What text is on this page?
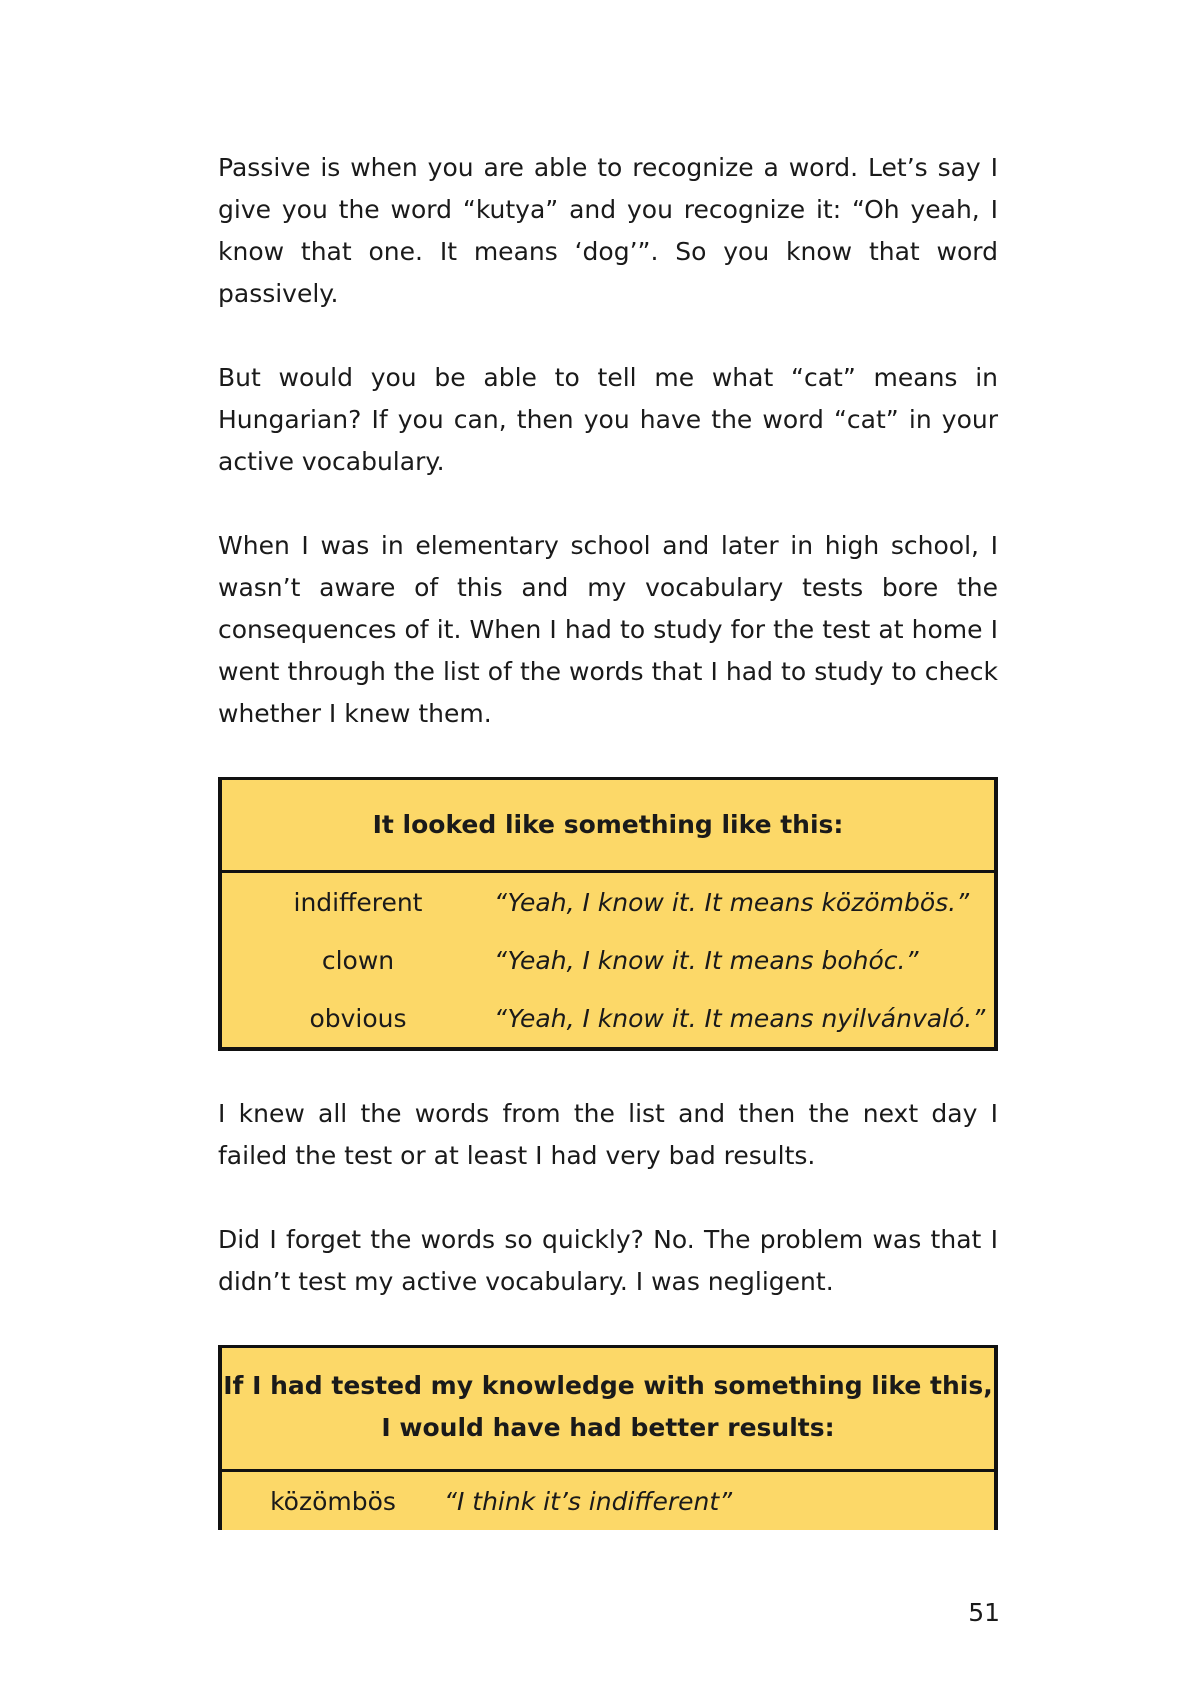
Passive is when you are able to recognize a word. Let’s say I give you the word “kutya” and you recognize it: “Oh yeah, I know that one. It means ‘dog’”. So you know that word passively.

But would you be able to tell me what “cat” means in Hungarian? If you can, then you have the word “cat” in your active vocabulary.

When I was in elementary school and later in high school, I wasn’t aware of this and my vocabulary tests bore the consequences of it. When I had to study for the test at home I went through the list of the words that I had to study to check whether I knew them.

It looked like something like this:
indifferent	“Yeah, I know it. It means közömbös.”
clown	“Yeah, I know it. It means bohóc.”
obvious	“Yeah, I know it. It means nyilvánvaló.”

I knew all the words from the list and then the next day I failed the test or at least I had very bad results.

Did I forget the words so quickly? No. The problem was that I didn’t test my active vocabulary. I was negligent.

If I had tested my knowledge with something like this,
I would have had better results:
közömbös	“I think it’s indifferent”
51
